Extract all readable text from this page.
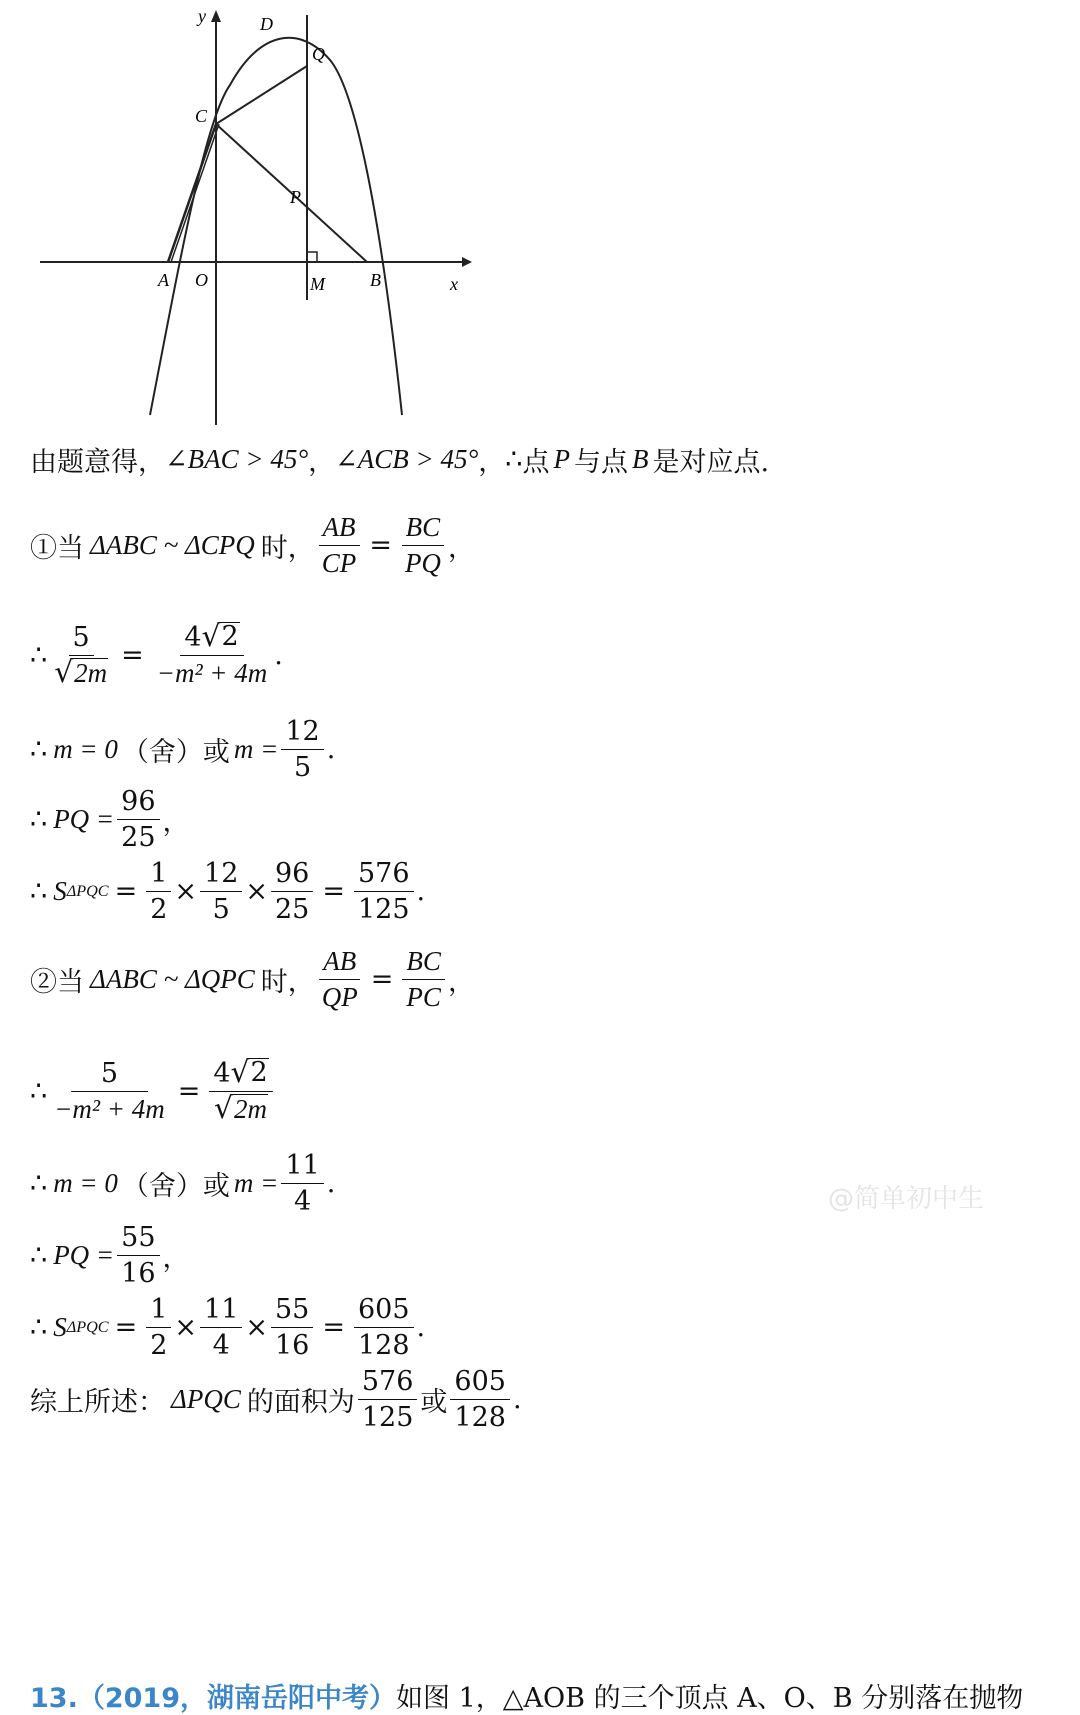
y	D
Q
C
P
A O	M	B	x
由题意得， ∠BAC > 45° ， ∠ACB > 45° ， ∴ 点 P 与点 B 是对应点.
①当 ΔABC ~ ΔCPQ 时， $\frac{AB}{CP} = \frac{BC}{PQ}$ ，
∴ $\frac{5}{√ 2m} = \frac{4 √ 2}{\text{−m² + 4m}}$ .
∴ m = 0 （舍）或 $m = \frac{12}{5}$ .
∴ PQ = $\frac{96}{25}$ ，
∴ S $\Delta PQC = \frac{1}{2} \times \frac{12}{5} \times \frac{96}{25} = \frac{576}{125}$ .
②当 ΔABC ~ ΔQPC 时， $\frac{AB}{QP} = \frac{BC}{PC}$ ，
∴ $\frac{5}{\text{−m² + 4m}} = \frac{4 √ 2}{√ 2m}$
∴ m = 0 （舍）或 $m = \frac{11}{4}$ .	@简单初中生
∴ PQ = $\frac{55}{16}$ ，
∴ S $\Delta PQC = \frac{1}{2} \times \frac{11}{4} \times \frac{55}{16} = \frac{605}{128}$ .
综上所述： ΔPQC 的面积为 $\frac{576}{125}$ 或 $\frac{605}{128}$ .
13.（2019，湖南岳阳中考）如图 1，△AOB 的三个顶点 A、O、B 分别落在抛物
